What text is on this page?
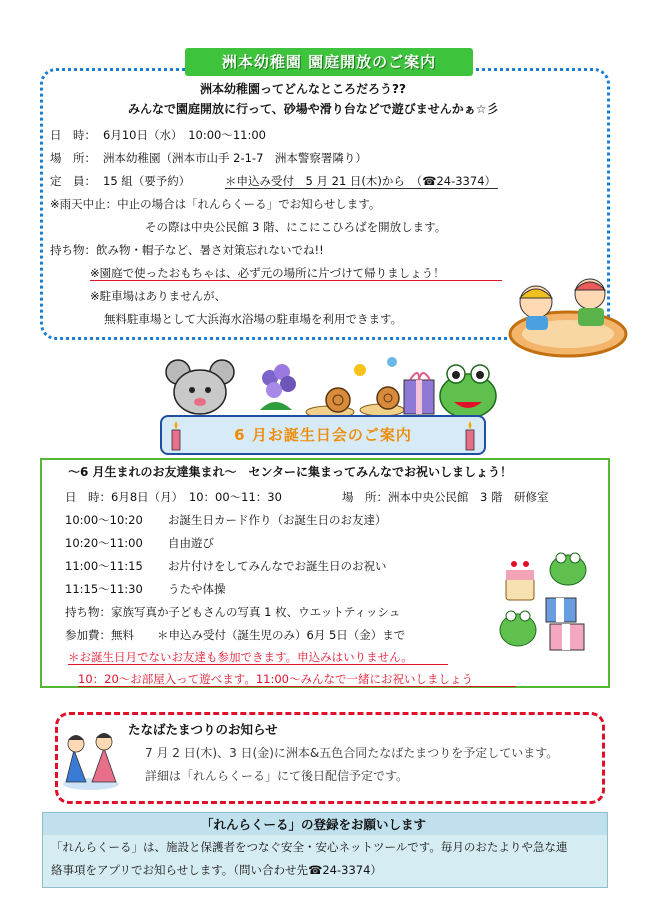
洲本幼稚園 園庭開放のご案内
洲本幼稚園ってどんなところだろう??
みんなで園庭開放に行って、砂場や滑り台などで遊びませんかぁ☆彡
日　時： 6月10日（水）　10:00～11:00
場　所： 洲本幼稚園（洲本市山手 2-1-7　洲本警察署隣り）
定　員： 15 組（要予約）	＊申込み受付　5 月 21 日(木)から　（☎24-3374）
※雨天中止：中止の場合は「れんらくーる」でお知らせします。
その際は中央公民館 3 階、にこにこひろばを開放します。
持ち物：飲み物・帽子など、暑さ対策忘れないでね!!
※園庭で使ったおもちゃは、必ず元の場所に片づけて帰りましょう！
※駐車場はありませんが、
無料駐車場として大浜海水浴場の駐車場を利用できます。
6 月お誕生日会のご案内
～6 月生まれのお友達集まれ～　センターに集まってみんなでお祝いしましょう！
日　時：6月8日（月）　10：00～11：30	場　所：洲本中央公民館　3 階　研修室
10:00～10:20 お誕生日カード作り（お誕生日のお友達）
10:20～11:00 自由遊び
11:00～11:15 お片付けをしてみんなでお誕生日のお祝い
11:15～11:30 うたや体操
持ち物：家族写真か子どもさんの写真 1 枚、ウエットティッシュ
参加費：無料　　＊申込み受付（誕生児のみ）6月 5日（金）まで
＊お誕生日月でないお友達も参加できます。申込みはいりません。
10：20～お部屋入って遊べます。11:00～みんなで一緒にお祝いしましょう
たなばたまつりのお知らせ
7 月 2 日(木)、3 日(金)に洲本&五色合同たなばたまつりを予定しています。
詳細は「れんらくーる」にて後日配信予定です。
「れんらくーる」の登録をお願いします
「れんらくーる」は、施設と保護者をつなぐ安全・安心ネットツールです。毎月のおたよりや急な連
絡事項をアプリでお知らせします。（問い合わせ先☎24-3374）
